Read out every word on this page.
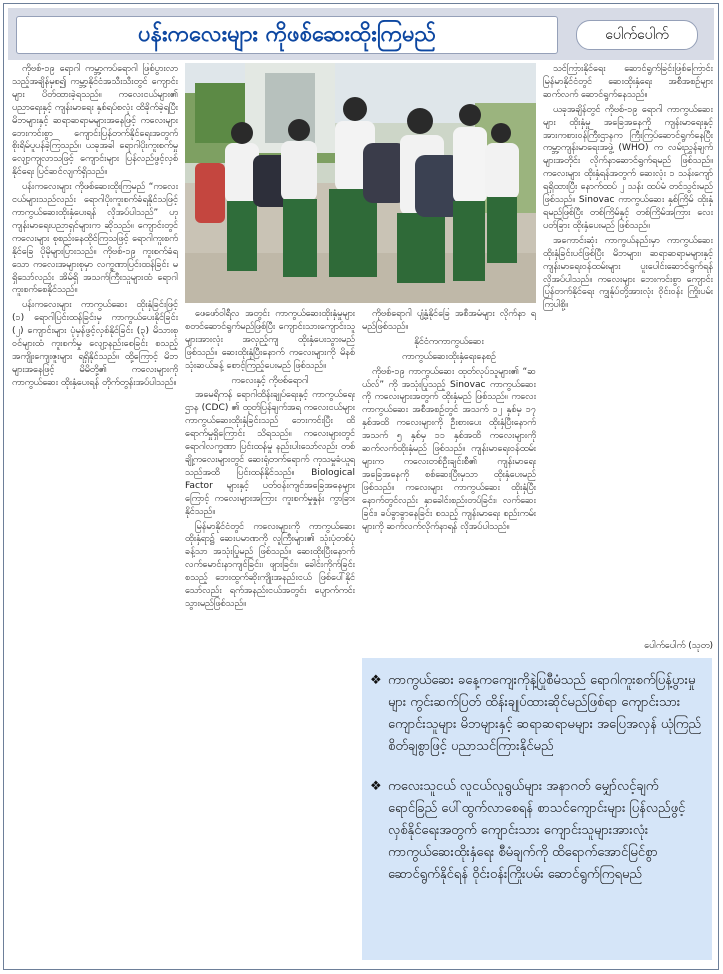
ပန်းကလေးများ ကိုဖစ်ဆေးထိုးကြမည်	ပေါက်ပေါက်

ကိုဗစ်-၁၉ ရောဂါ ကမ္ဘာ့ကပ်ရောဂါ ဖြစ်ပွားလာသည့်အချိန်မှစ၍ ကမ္ဘာ့နိုင်ငံအသီးသီးတွင် ကျောင်းများ ပိတ်ထားခဲ့ရသည်။ ကလေးငယ်များ၏ ပညာရေးနှင့် ကျန်းမာရေး နှစ်ရပ်စလုံး ထိခိုက်ခဲ့ရပြီး မိဘများနှင့် ဆရာဆရာမများအနေဖြင့် ကလေးများ ဘေးကင်းစွာ ကျောင်းပြန်တက်နိုင်ရေးအတွက် စိုးရိမ်ပူပန်ခဲ့ကြသည်။ ယခုအခါ ရောဂါပိုးကူးစက်မှု လျော့ကျလာသဖြင့် ကျောင်းများ ပြန်လည်ဖွင့်လှစ်နိုင်ရေး ပြင်ဆင်လျက်ရှိသည်။

ပန်းကလေးများ ကိုဖစ်ဆေးထိုးကြမည် “ကလေးငယ်များသည်လည်း ရောဂါပိုးကူးစက်ခံရနိုင်သဖြင့် ကာကွယ်ဆေးထိုးနှံပေးရန် လိုအပ်ပါသည်” ဟု ကျန်းမာရေးပညာရှင်များက ဆိုသည်။ ကျောင်းတွင် ကလေးများ စုစည်းနေထိုင်ကြသဖြင့် ရောဂါကူးစက်နိုင်ခြေ ပိုမိုများပြားသည်။ ကိုဗစ်-၁၉ ကူးစက်ခံရသော ကလေးအများစုမှာ လက္ခဏာပြင်းထန်ခြင်း မရှိသော်လည်း အိမ်ရှိ အသက်ကြီးသူများထံ ရောဂါ ကူးစက်စေနိုင်သည်။

ပန်းကလေးများ ကာကွယ်ဆေး ထိုးနှံခြင်းဖြင့် (၁) ရောဂါပြင်းထန်ခြင်းမှ ကာကွယ်ပေးနိုင်ခြင်း (၂) ကျောင်းများ ပုံမှန်ဖွင့်လှစ်နိုင်ခြင်း (၃) မိသားစုဝင်များထံ ကူးစက်မှု လျော့နည်းစေခြင်း စသည့် အကျိုးကျေးဇူးများ ရရှိနိုင်သည်။ ထို့ကြောင့် မိဘများအနေဖြင့် မိမိတို့၏ ကလေးများကို ကာကွယ်ဆေး ထိုးနှံပေးရန် တိုက်တွန်းအပ်ပါသည်။

ဖေဖော်ဝါရီလ အတွင်း ကာကွယ်ဆေးထိုးနှံမှုများ စတင်ဆောင်ရွက်မည်ဖြစ်ပြီး ကျောင်းသားကျောင်းသူများအားလုံး အလှည့်ကျ ထိုးနှံပေးသွားမည် ဖြစ်သည်။ ဆေးထိုးနှံပြီးနောက် ကလေးများကို မိနစ်သုံးဆယ်ခန့် စောင့်ကြည့်ပေးမည် ဖြစ်သည်။

ကလေးနှင့် ကိုဗစ်ရောဂါ

အမေရိကန် ရောဂါထိန်းချုပ်ရေးနှင့် ကာကွယ်ရေးဌာန (CDC) ၏ ထုတ်ပြန်ချက်အရ ကလေးငယ်များ ကာကွယ်ဆေးထိုးနှံခြင်းသည် ဘေးကင်းပြီး ထိရောက်မှုရှိကြောင်း သိရသည်။ ကလေးများတွင် ရောဂါလက္ခဏာ ပြင်းထန်မှု နည်းပါးသော်လည်း တစ်ချို့ကလေးများတွင် ဆေးရုံတက်ရောက် ကုသမှုခံယူရသည်အထိ ပြင်းထန်နိုင်သည်။ Biological Factor များနှင့် ပတ်ဝန်းကျင်အခြေအနေများကြောင့် ကလေးများအကြား ကူးစက်မှုနှုန်း ကွာခြားနိုင်သည်။

မြန်မာနိုင်ငံတွင် ကလေးများကို ကာကွယ်ဆေး ထိုးနှံရာ၌ ဆေးပမာဏကို လူကြီးများ၏ သုံးပုံတစ်ပုံခန့်သာ အသုံးပြုမည် ဖြစ်သည်။ ဆေးထိုးပြီးနောက် လက်မောင်းနာကျင်ခြင်း၊ ဖျားခြင်း၊ ခေါင်းကိုက်ခြင်း စသည့် ဘေးထွက်ဆိုးကျိုးအနည်းငယ် ဖြစ်ပေါ်နိုင်သော်လည်း ရက်အနည်းငယ်အတွင်း ပျောက်ကင်းသွားမည်ဖြစ်သည်။

ကိုဗစ်ရောဂါ ပျံ့နှံ့နိုင်ခြေ အစီအမံများ လိုက်နာ ရမည်ဖြစ်သည်။

နိုင်ငံကကာကွယ်ဆေး

ကာကွယ်ဆေးထိုးနှံရေးနေစဉ်

ကိုဗစ်-၁၉ ကာကွယ်ဆေး ထုတ်လုပ်သူများ၏ “ဆယ်လ်” ကို အသုံးပြုသည့် Sinovac ကာကွယ်ဆေးကို ကလေးများအတွက် ထိုးနှံမည် ဖြစ်သည်။ ကလေးကာကွယ်ဆေး အစီအစဉ်တွင် အသက် ၁၂ နှစ်မှ ၁၇ နှစ်အထိ ကလေးများကို ဦးစားပေး ထိုးနှံပြီးနောက် အသက် ၅ နှစ်မှ ၁၁ နှစ်အထိ ကလေးများကို ဆက်လက်ထိုးနှံမည် ဖြစ်သည်။ ကျန်းမာရေးဝန်ထမ်းများက ကလေးတစ်ဦးချင်းစီ၏ ကျန်းမာရေး အခြေအနေကို စစ်ဆေးပြီးမှသာ ထိုးနှံပေးမည် ဖြစ်သည်။ ကလေးများ ကာကွယ်ဆေး ထိုးနှံပြီးနောက်တွင်လည်း နှာခေါင်းစည်းတပ်ခြင်း၊ လက်ဆေးခြင်း၊ ခပ်ခွာခွာနေခြင်း စသည့် ကျန်းမာရေး စည်းကမ်းများကို ဆက်လက်လိုက်နာရန် လိုအပ်ပါသည်။

သင်ကြားနိုင်ရေး ဆောင်ရွက်ခြင်းဖြစ်ကြောင်း မြန်မာနိုင်ငံတွင် ဆေးထိုးနှံရေး အစီအစဉ်များ ဆက်လက် ဆောင်ရွက်နေသည်။

ယခုအချိန်တွင် ကိုဗစ်-၁၉ ရောဂါ ကာကွယ်ဆေးများ ထိုးနှံမှု အခြေအနေကို ကျန်းမာရေးနှင့် အားကစားဝန်ကြီးဌာနက ကြီးကြပ်ဆောင်ရွက်နေပြီး ကမ္ဘာ့ကျန်းမာရေးအဖွဲ့ (WHO) က လမ်းညွှန်ချက်များအတိုင်း လိုက်နာဆောင်ရွက်ရမည် ဖြစ်သည်။ ကလေးများ ထိုးနှံရန်အတွက် ဆေးလုံး ၁ သန်းကျော် ရရှိထားပြီး နောက်ထပ် ၂ သန်း ထပ်မံ တင်သွင်းမည် ဖြစ်သည်။ Sinovac ကာကွယ်ဆေး နှစ်ကြိမ် ထိုးနှံရမည်ဖြစ်ပြီး တစ်ကြိမ်နှင့် တစ်ကြိမ်အကြား လေးပတ်ခြား ထိုးနှံပေးမည် ဖြစ်သည်။

အကောင်းဆုံး ကာကွယ်နည်းမှာ ကာကွယ်ဆေး ထိုးနှံခြင်းပင်ဖြစ်ပြီး မိဘများ၊ ဆရာဆရာမများနှင့် ကျန်းမာရေးဝန်ထမ်းများ ပူးပေါင်းဆောင်ရွက်ရန် လိုအပ်ပါသည်။ ကလေးများ ဘေးကင်းစွာ ကျောင်းပြန်တက်နိုင်ရေး ကျွန်ုပ်တို့အားလုံး ဝိုင်းဝန်း ကြိုးပမ်းကြပါစို့။

ပေါက်ပေါက် (သုတ)
❖ ကာကွယ်ဆေး ခနေ့ကကျေးကိုနဲ့ပြုစီမံသည် ရောဂါကူးစက်ပြန့်ပွားမှုများ ကွင်းဆက်ပြတ် ထိန်းချုပ်ထားဆိုင်မည်ဖြစ်ရာ ကျောင်းသား ကျောင်းသူများ မိဘများနှင့် ဆရာဆရာမများ အပြေအလှန် ယုံကြည်စိတ်ချစွာဖြင့် ပညာသင်ကြားနိုင်မည်
❖ ကလေးသူငယ် လူငယ်လူရွယ်များ အနာဂတ် မျှော်လင့်ချက်ရောင်ခြည် ပေါ်ထွက်လာစေရန် စာသင်ကျောင်းများ ပြန်လည်ဖွင့်လှစ်နိုင်ရေးအတွက် ကျောင်းသား ကျောင်းသူများအားလုံး ကာကွယ်ဆေးထိုးနှံရေး စီမံချက်ကို ထိရောက်အောင်မြင်စွာ ဆောင်ရွက်နိုင်ရန် ဝိုင်းဝန်းကြိုးပမ်း ဆောင်ရွက်ကြရမည်
